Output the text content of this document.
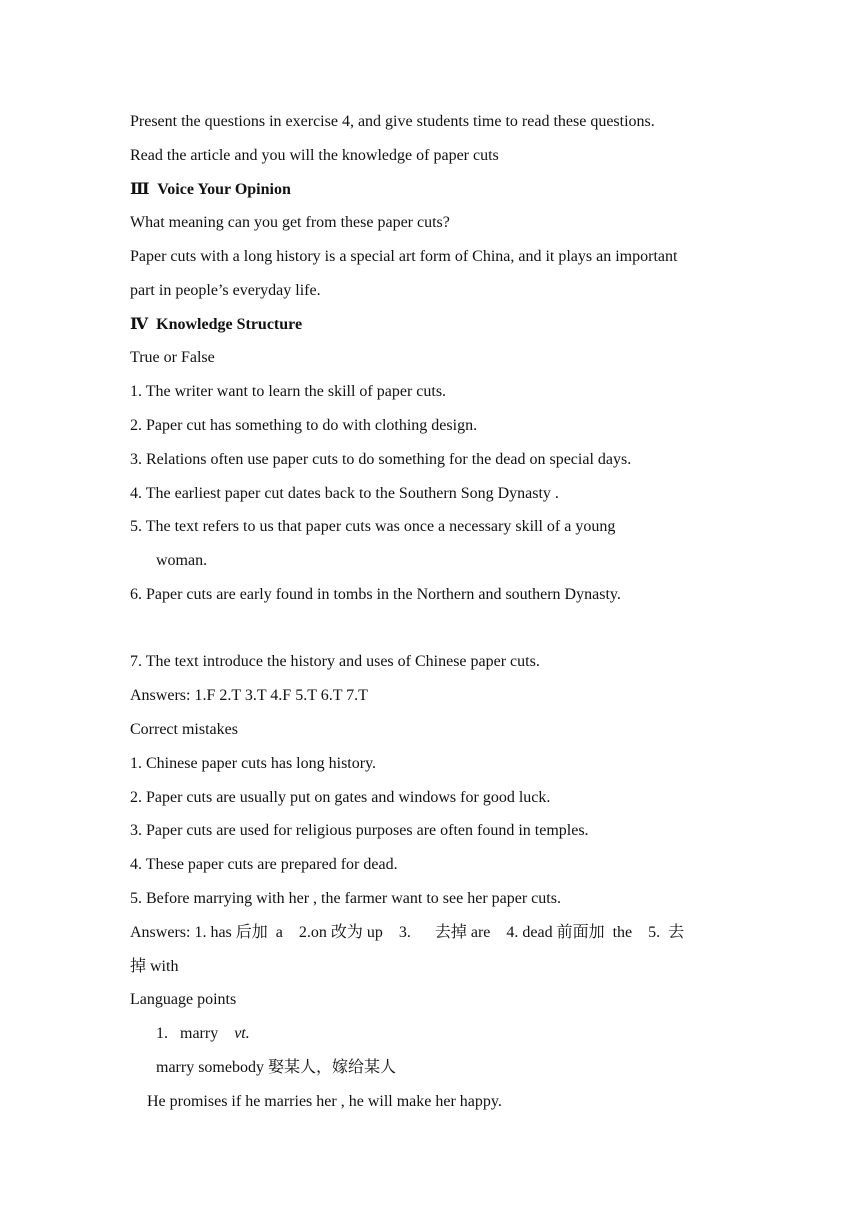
Present the questions in exercise 4, and give students time to read these questions.
Read the article and you will the knowledge of paper cuts
Ⅲ Voice Your Opinion
What meaning can you get from these paper cuts?
Paper cuts with a long history is a special art form of China, and it plays an important
part in people’s everyday life.
Ⅳ Knowledge Structure
True or False
1. The writer want to learn the skill of paper cuts.
2. Paper cut has something to do with clothing design.
3. Relations often use paper cuts to do something for the dead on special days.
4. The earliest paper cut dates back to the Southern Song Dynasty .
5. The text refers to us that paper cuts was once a necessary skill of a young
woman.
6. Paper cuts are early found in tombs in the Northern and southern Dynasty.
7. The text introduce the history and uses of Chinese paper cuts.
Answers: 1.F 2.T 3.T 4.F 5.T 6.T 7.T
Correct mistakes
1. Chinese paper cuts has long history.
2. Paper cuts are usually put on gates and windows for good luck.
3. Paper cuts are used for religious purposes are often found in temples.
4. These paper cuts are prepared for dead.
5. Before marrying with her , the farmer want to see her paper cuts.
Answers: 1. has 后加  a    2.on 改为 up    3.      去掉 are    4. dead 前面加  the    5.  去
掉 with
Language points
1.   marry    vt.
marry somebody 娶某人，嫁给某人
He promises if he marries her , he will make her happy.
